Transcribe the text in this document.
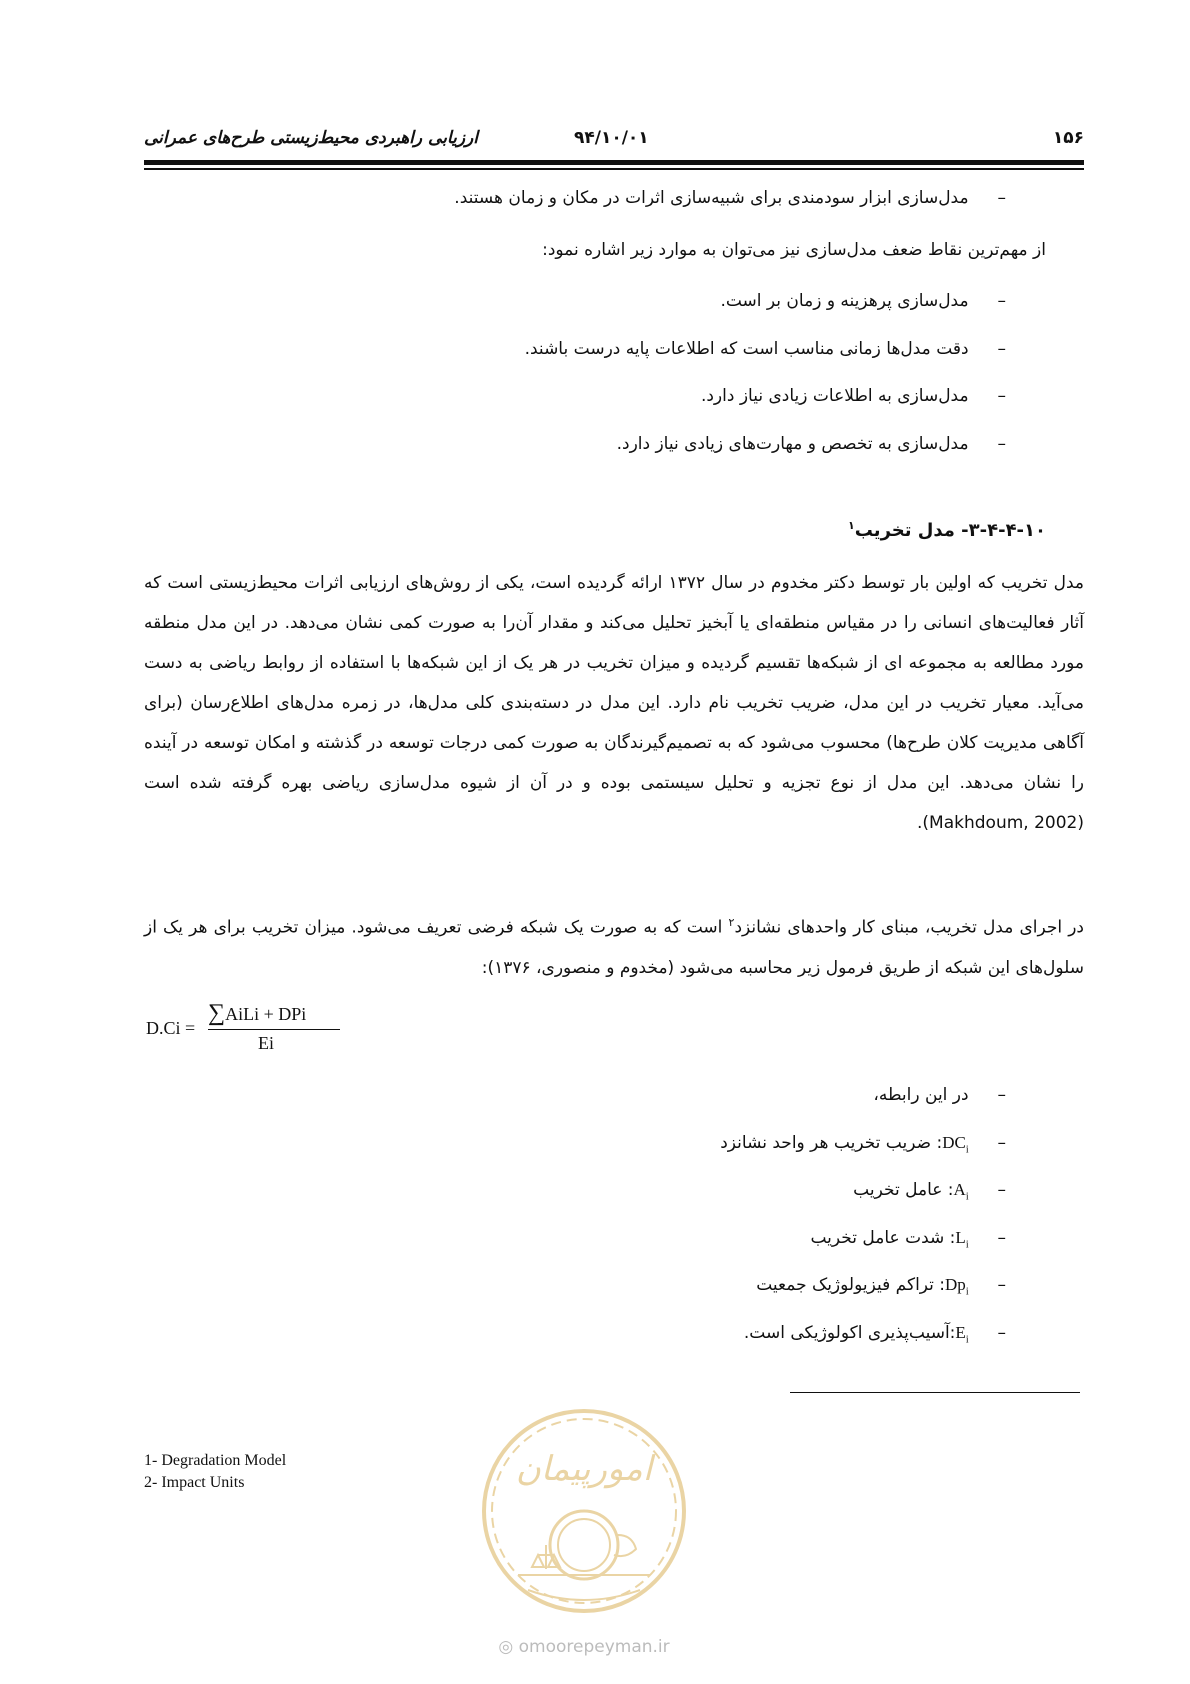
ارزیابی راهبردی محیط‌زیستی طرح‌های عمرانی	۹۴/۱۰/۰۱	۱۵۶
– مدل‌سازی ابزار سودمندی برای شبیه‌سازی اثرات در مکان و زمان هستند.
از مهم‌ترین نقاط ضعف مدل‌سازی نیز می‌توان به موارد زیر اشاره نمود:
– مدل‌سازی پرهزینه و زمان بر است.
– دقت مدل‌ها زمانی مناسب است که اطلاعات پایه درست باشند.
– مدل‌سازی به اطلاعات زیادی نیاز دارد.
– مدل‌سازی به تخصص و مهارت‌های زیادی نیاز دارد.
۳-۴-۴-۱۰- مدل تخریب$^۱$
مدل تخریب که اولین بار توسط دکتر مخدوم در سال ۱۳۷۲ ارائه گردیده است، یکی از روش‌های ارزیابی اثرات محیط‌زیستی است که آثار فعالیت‌های انسانی را در مقیاس منطقه‌ای یا آبخیز تحلیل می‌کند و مقدار آن‌را به صورت کمی نشان می‌دهد. در این مدل منطقه مورد مطالعه به مجموعه ای از شبکه‌ها تقسیم گردیده و میزان تخریب در هر یک از این شبکه‌ها با استفاده از روابط ریاضی به دست می‌آید. معیار تخریب در این مدل، ضریب تخریب نام دارد. این مدل در دسته‌بندی کلی مدل‌ها، در زمره مدل‌های اطلاع‌رسان (برای آگاهی مدیریت کلان طرح‌ها) محسوب می‌شود که به تصمیم‌گیرندگان به صورت کمی درجات توسعه در گذشته و امکان توسعه در آینده را نشان می‌دهد. این مدل از نوع تجزیه و تحلیل سیستمی بوده و در آن از شیوه مدل‌سازی ریاضی بهره گرفته شده است (Makhdoum, 2002).
در اجرای مدل تخریب، مبنای کار واحدهای نشانزد$^۲$ است که به صورت یک شبکه فرضی تعریف می‌شود. میزان تخریب برای هر یک از سلول‌های این شبکه از طریق فرمول زیر محاسبه می‌شود (مخدوم و منصوری، ۱۳۷۶):
D.Ci =
∑AiLi + DPi
Ei
– در این رابطه،
– $DC_i$: ضریب تخریب هر واحد نشانزد
– $A_i$: عامل تخریب
– $L_i$: شدت عامل تخریب
– $Dp_i$: تراکم فیزیولوژیک جمعیت
– $E_i:آسیب‌پذیری$ اکولوژیکی است.
1- Degradation Model
2- Impact Units	امورپیمان
◎ omoorepeyman.ir
